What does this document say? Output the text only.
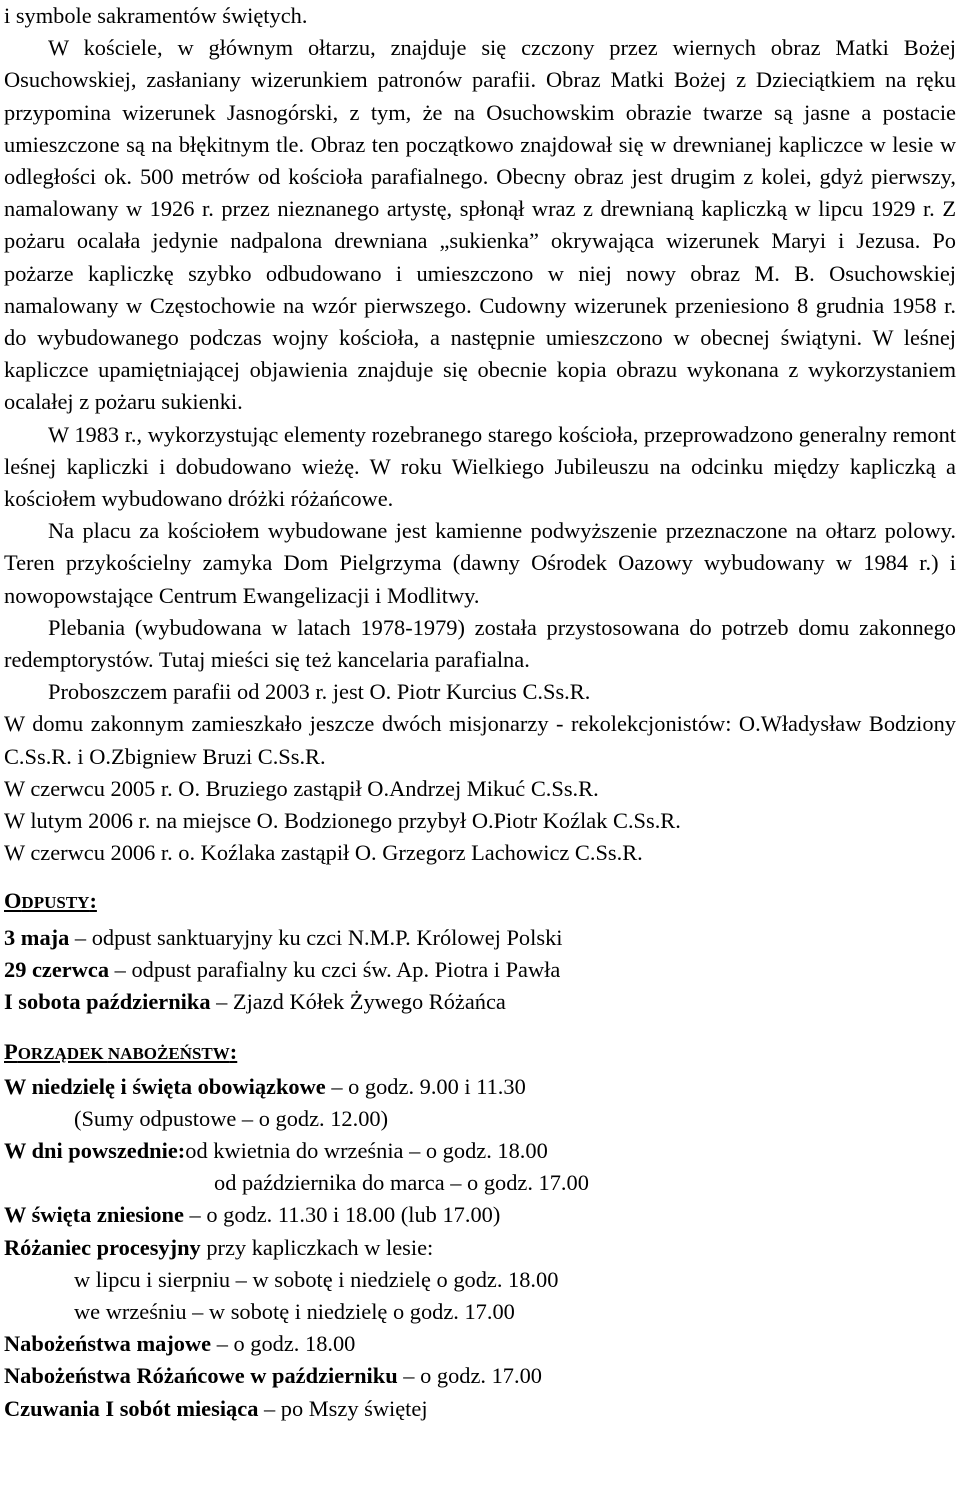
i symbole sakramentów świętych.

W kościele, w głównym ołtarzu, znajduje się czczony przez wiernych obraz Matki Bożej Osuchowskiej, zasłaniany wizerunkiem patronów parafii. Obraz Matki Bożej z Dzieciątkiem na ręku przypomina wizerunek Jasnogórski, z tym, że na Osuchowskim obrazie twarze są jasne a postacie umieszczone są na błękitnym tle. Obraz ten początkowo znajdował się w drewnianej kapliczce w lesie w odległości ok. 500 metrów od kościoła parafialnego. Obecny obraz jest drugim z kolei, gdyż pierwszy, namalowany w 1926 r. przez nieznanego artystę, spłonął wraz z drewnianą kapliczką w lipcu 1929 r. Z pożaru ocalała jedynie nadpalona drewniana „sukienka” okrywająca wizerunek Maryi i Jezusa. Po pożarze kapliczkę szybko odbudowano i umieszczono w niej nowy obraz M. B. Osuchowskiej namalowany w Częstochowie na wzór pierwszego. Cudowny wizerunek przeniesiono 8 grudnia 1958 r. do wybudowanego podczas wojny kościoła, a następnie umieszczono w obecnej świątyni. W leśnej kapliczce upamiętniającej objawienia znajduje się obecnie kopia obrazu wykonana z wykorzystaniem ocalałej z pożaru sukienki.

W 1983 r., wykorzystując elementy rozebranego starego kościoła, przeprowadzono generalny remont leśnej kapliczki i dobudowano wieżę. W roku Wielkiego Jubileuszu na odcinku między kapliczką a kościołem wybudowano dróżki różańcowe.

Na placu za kościołem wybudowane jest kamienne podwyższenie przeznaczone na ołtarz polowy. Teren przykościelny zamyka Dom Pielgrzyma (dawny Ośrodek Oazowy wybudowany w 1984 r.) i nowopowstające Centrum Ewangelizacji i Modlitwy.

Plebania (wybudowana w latach 1978-1979) została przystosowana do potrzeb domu zakonnego redemptorystów. Tutaj mieści się też kancelaria parafialna.

Proboszczem parafii od 2003 r. jest O. Piotr Kurcius C.Ss.R.

W domu zakonnym zamieszkało jeszcze dwóch misjonarzy - rekolekcjonistów: O.Władysław Bodziony C.Ss.R. i O.Zbigniew Bruzi C.Ss.R.

W czerwcu 2005 r. O. Bruziego zastąpił O.Andrzej Mikuć C.Ss.R.

W lutym 2006 r. na miejsce O. Bodzionego przybył O.Piotr Koźlak C.Ss.R.

W czerwcu 2006 r. o. Koźlaka zastąpił O. Grzegorz Lachowicz C.Ss.R.

ODPUSTY:
3 maja – odpust sanktuaryjny ku czci N.M.P. Królowej Polski
29 czerwca – odpust parafialny ku czci św. Ap. Piotra i Pawła
I sobota października – Zjazd Kółek Żywego Różańca
PORZĄDEK NABOŻEŃSTW:
W niedzielę i święta obowiązkowe – o godz. 9.00 i 11.30
(Sumy odpustowe – o godz. 12.00)
W dni powszednie:od kwietnia do września – o godz. 18.00
od października do marca – o godz. 17.00
W święta zniesione – o godz. 11.30 i 18.00 (lub 17.00)
Różaniec procesyjny przy kapliczkach w lesie:
w lipcu i sierpniu – w sobotę i niedzielę o godz. 18.00
we wrześniu – w sobotę i niedzielę o godz. 17.00
Nabożeństwa majowe – o godz. 18.00
Nabożeństwa Różańcowe w październiku – o godz. 17.00
Czuwania I sobót miesiąca – po Mszy świętej
